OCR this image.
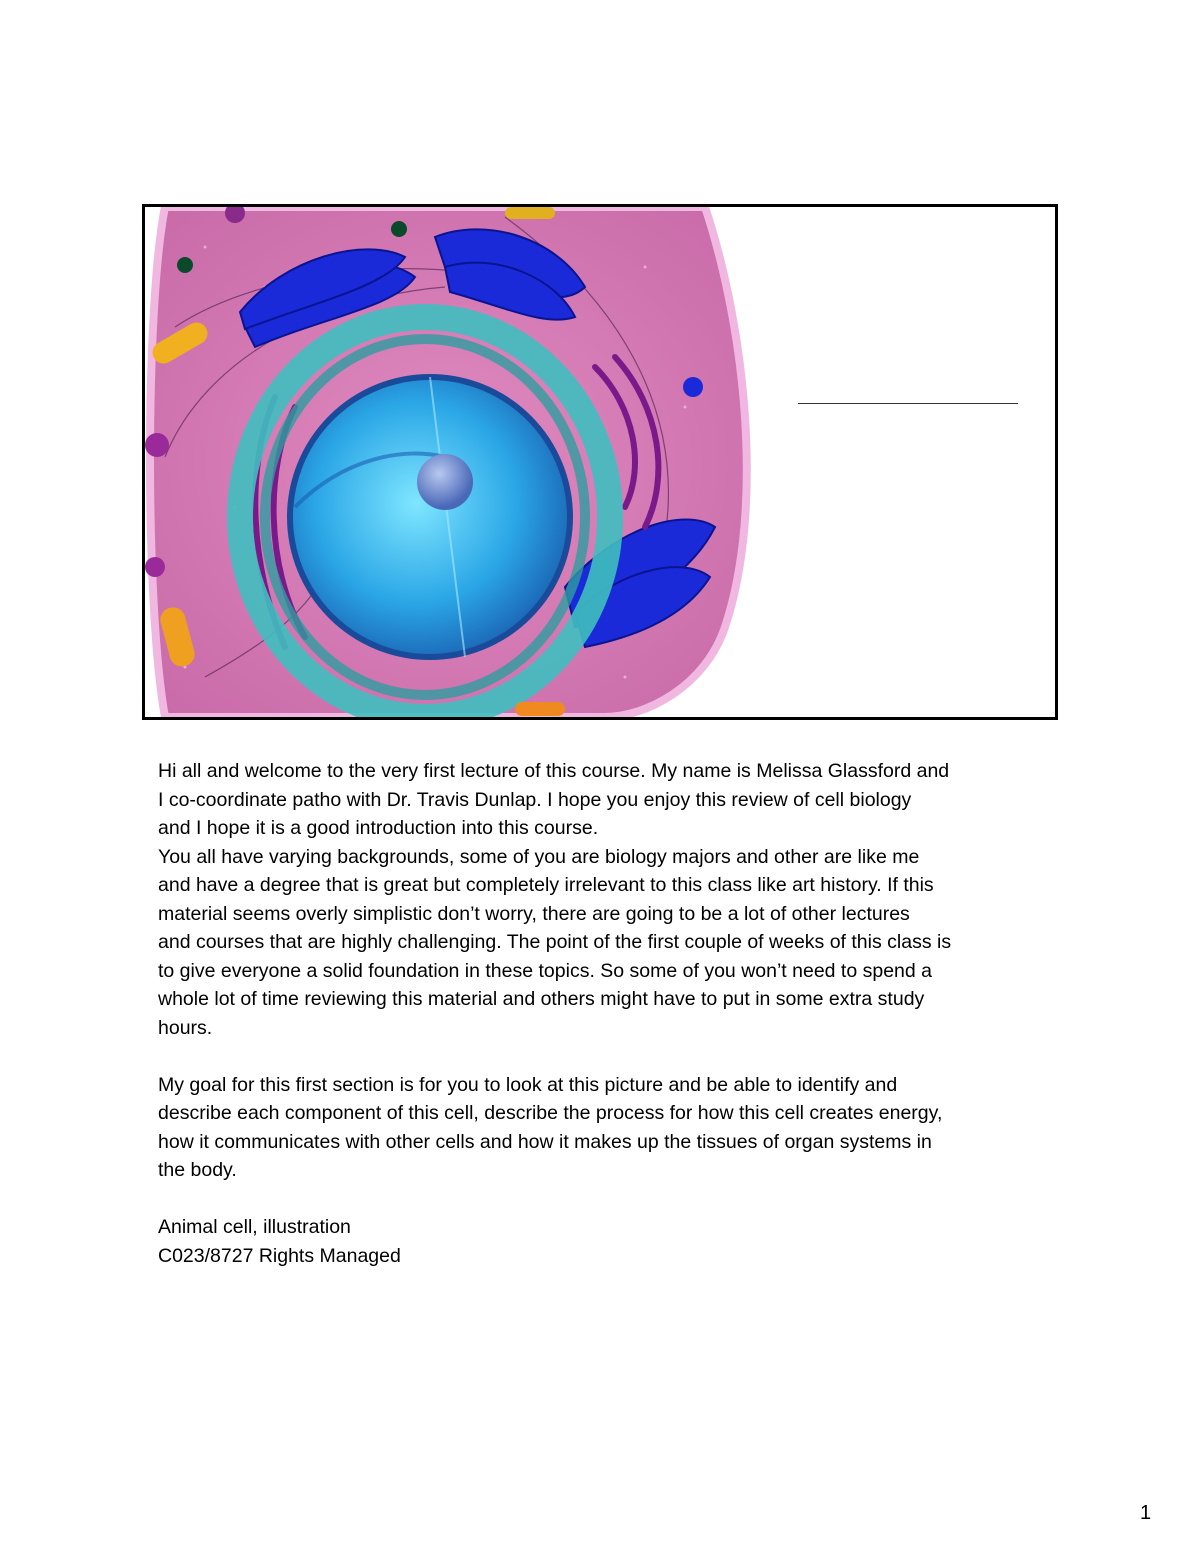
Hi all and welcome to the very first lecture of this course. My name is Melissa Glassford and
I co-coordinate patho with Dr. Travis Dunlap. I hope you enjoy this review of cell biology
and I hope it is a good introduction into this course.

You all have varying backgrounds, some of you are biology majors and other are like me
and have a degree that is great but completely irrelevant to this class like art history. If this
material seems overly simplistic don’t worry, there are going to be a lot of other lectures
and courses that are highly challenging. The point of the first couple of weeks of this class is
to give everyone a solid foundation in these topics. So some of you won’t need to spend a
whole lot of time reviewing this material and others might have to put in some extra study
hours.

My goal for this first section is for you to look at this picture and be able to identify and
describe each component of this cell, describe the process for how this cell creates energy,
how it communicates with other cells and how it makes up the tissues of organ systems in
the body.

Animal cell, illustration

C023/8727 Rights Managed

1
